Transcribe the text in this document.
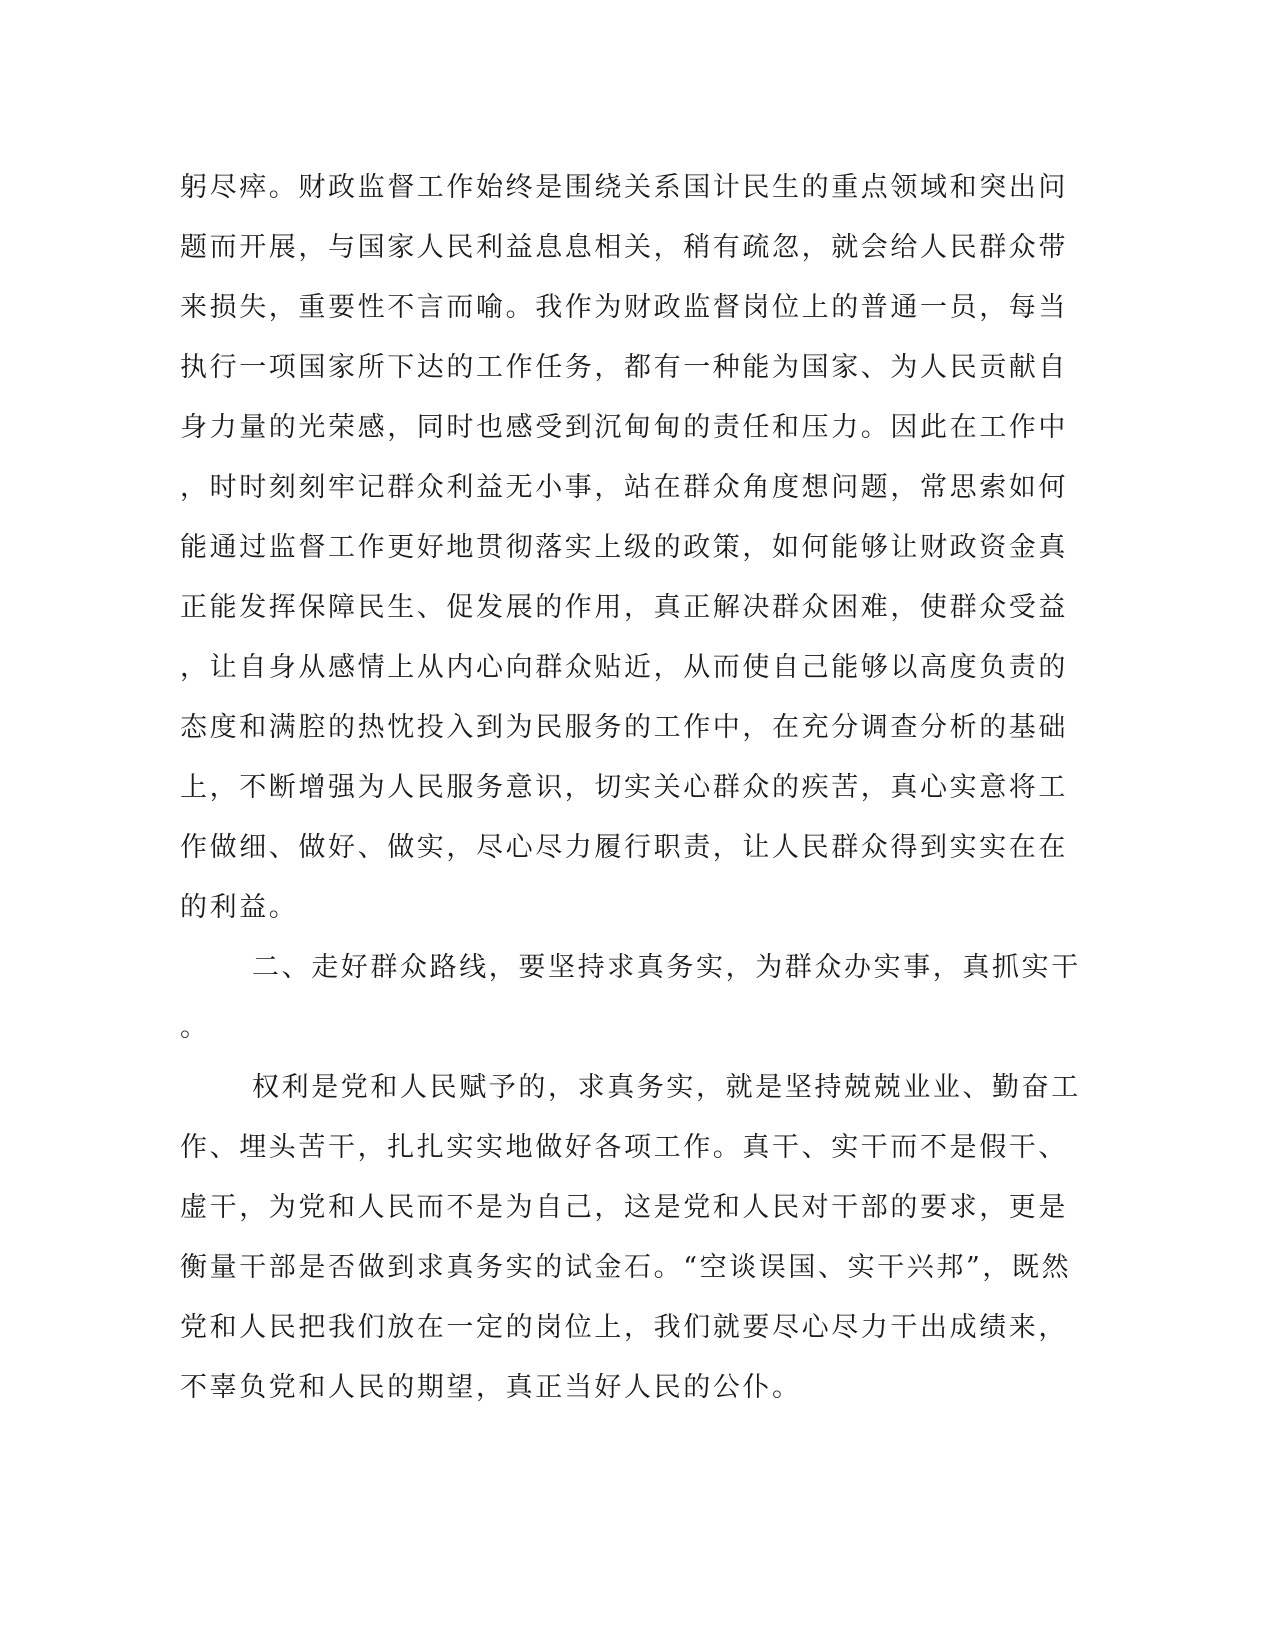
躬尽瘁。财政监督工作始终是围绕关系国计民生的重点领域和突出问
题而开展，与国家人民利益息息相关，稍有疏忽，就会给人民群众带
来损失，重要性不言而喻。我作为财政监督岗位上的普通一员，每当
执行一项国家所下达的工作任务，都有一种能为国家、为人民贡献自
身力量的光荣感，同时也感受到沉甸甸的责任和压力。因此在工作中
，时时刻刻牢记群众利益无小事，站在群众角度想问题，常思索如何
能通过监督工作更好地贯彻落实上级的政策，如何能够让财政资金真
正能发挥保障民生、促发展的作用，真正解决群众困难，使群众受益
，让自身从感情上从内心向群众贴近，从而使自己能够以高度负责的
态度和满腔的热忱投入到为民服务的工作中，在充分调查分析的基础
上，不断增强为人民服务意识，切实关心群众的疾苦，真心实意将工
作做细、做好、做实，尽心尽力履行职责，让人民群众得到实实在在
的利益。
二、走好群众路线，要坚持求真务实，为群众办实事，真抓实干
。
权利是党和人民赋予的，求真务实，就是坚持兢兢业业、勤奋工
作、埋头苦干，扎扎实实地做好各项工作。真干、实干而不是假干、
虚干，为党和人民而不是为自己，这是党和人民对干部的要求，更是
衡量干部是否做到求真务实的试金石。“空谈误国、实干兴邦”，既然
党和人民把我们放在一定的岗位上，我们就要尽心尽力干出成绩来，
不辜负党和人民的期望，真正当好人民的公仆。
